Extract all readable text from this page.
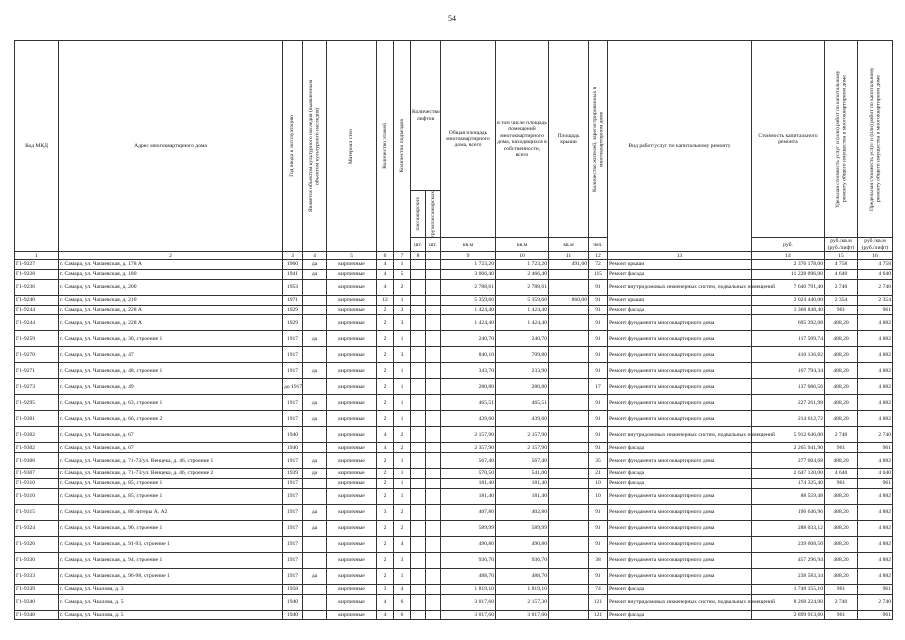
54
Код МКД	Адрес многоквартирного дома	Год ввода в эксплуатацию	Является объектом культурного наследия (выявленным объектом культурного наследия)	Материал стен	Количество этажей	Количество подъездов	Количество лифтов		Общая площадь многоквартирного дома, всего	в том числе площадь помещений многоквартирного дома, находящихся в собственности, всего	Площадь крыши	Количество жителей, зарегистрированных в многоквартирном доме	Вид работ/услуг по капитальному ремонту	Стоимость капитального ремонта	Удельная стоимость услуг и (или) работ по капитальному ремонту общего имущества в многоквартирном доме	Предельная стоимость услуг и (или) работ по капитальному ремонту общего имущества в многоквартирном доме

							пассажирских	грузопассажирских								

							шт.	шт.	кв.м	кв.м	кв.м	чел.		руб.	руб./кв.м (руб./лифт)	руб./кв.м (руб./лифт)
1	2	3	4	5	6	7	8		9	10	11	12	13	14	15	16
Г1-9227	г. Самара, ул. Чапаевская, д. 178 А	1960	да	кирпичные	4	1			1 723,20	1 723,20	491,00	72	Ремонт крыши	2 376 178,00	4 758	4 758
Г1-9228	г. Самара, ул. Чапаевская, д. 180	1941	да	кирпичные	4	5			3 066,40	2 466,40		115	Ремонт фасада	11 228 096,00	4 640	4 640
Г1-9236	г. Самара, ул. Чапаевская, д. 200	1953		кирпичные	4	2			2 788,61	2 788,61		91	Ремонт внутридомовых инженерных систем, подвальных помещений	7 640 791,40	2 740	2 740
Г1-9240	г. Самара, ул. Чапаевская, д. 210	1971		кирпичные	12	1			5 359,60	5 359,60	860,00	91	Ремонт крыши	2 024 440,00	2 354	2 354
Г1-9244	г. Самара, ул. Чапаевская, д. 228 А	1929		кирпичные	2	3			1 424,40	1 424,40		91	Ремонт фасада	1 368 848,40	961	961
Г1-9244	г. Самара, ул. Чапаевская, д. 228 А	1929		кирпичные	2	3			1 424,40	1 424,40		91	Ремонт фундамента многоквартирного дома	695 392,08	488,20	4 882
Г1-9259	г. Самара, ул. Чапаевская, д. 30, строение 1	1917	да	кирпичные	2	1			240,70	240,70		91	Ремонт фундамента многоквартирного дома	117 509,74	488,20	4 882
Г1-9270	г. Самара, ул. Чапаевская, д. 47	1917		кирпичные	2	3			840,10	709,80		91	Ремонт фундамента многоквартирного дома	410 136,82	488,20	4 882
Г1-9271	г. Самара, ул. Чапаевская, д. 48, строение 1	1917	да	кирпичные	2	1			343,70	233,90		91	Ремонт фундамента многоквартирного дома	167 794,34	488,20	4 882
Г1-9273	г. Самара, ул. Чапаевская, д. 49	до 1917		кирпичные	2	1			280,80	280,80		17	Ремонт фундамента многоквартирного дома	137 086,56	488,20	4 882
Г1-9295	г. Самара, ул. Чапаевская, д. 63, строение 1	1917	да	кирпичные	2	1			465,51	465,51		91	Ремонт фундамента многоквартирного дома	227 261,98	488,20	4 882
Г1-9301	г. Самара, ул. Чапаевская, д. 66, строение 2	1917	да	кирпичные	2	1			439,60	439,60		91	Ремонт фундамента многоквартирного дома	214 612,72	488,20	4 882
Г1-9302	г. Самара, ул. Чапаевская, д. 67	1940		кирпичные	4	2			2 157,90	2 157,90		91	Ремонт внутридомовых инженерных систем, подвальных помещений	5 912 646,00	2 740	2 740
Г1-9302	г. Самара, ул. Чапаевская, д. 67	1940		кирпичные	4	2			2 357,90	2 157,90		91	Ремонт фасада	2 265 941,90	961	961
Г1-9306	г. Самара, ул. Чапаевская, д. 71-73/ул. Венцека, д. 46, строение 1	1917	да	кирпичные	2	1			567,40	567,40		35	Ремонт фундамента многоквартирного дома	277 004,68	488,20	4 882
Г1-9307	г. Самара, ул. Чапаевская, д. 71-73/ул. Венцека, д. 46, строение 2	1939	да	кирпичные	2	1			570,50	541,00		21	Ремонт фасада	2 647 120,00	4 640	4 640
Г1-9310	г. Самара, ул. Чапаевская, д. 85, строение 1	1917		кирпичные	2	1			181,40	181,40		10	Ремонт фасада	174 325,40	961	961
Г1-9310	г. Самара, ул. Чапаевская, д. 85, строение 1	1917		кирпичные	2	1			181,40	181,40		10	Ремонт фундамента многоквартирного дома	88 559,48	488,20	4 882
Г1-9315	г. Самара, ул. Чапаевская, д. 88 литеры А, А2	1917	да	кирпичные	3	2			407,80	402,80		91	Ремонт фундамента многоквартирного дома	196 646,96	488,20	4 882
Г1-9324	г. Самара, ул. Чапаевская, д. 90, строение 1	1917	да	кирпичные	2	2			589,99	589,99		91	Ремонт фундамента многоквартирного дома	288 033,12	488,20	4 882
Г1-9326	г. Самара, ул. Чапаевская, д. 91-93, строение 1	1917		кирпичные	2	4			490,80	490,80		91	Ремонт фундамента многоквартирного дома	239 608,56	488,20	4 882
Г1-9330	г. Самара, ул. Чапаевская, д. 94, строение 1	1917		кирпичные	2	3			936,70	936,70		38	Ремонт фундамента многоквартирного дома	457 296,94	488,20	4 882
Г1-9333	г. Самара, ул. Чапаевская, д. 96-98, строение 1	1917	да	кирпичные	2	1			488,70	488,70		91	Ремонт фундамента многоквартирного дома	238 583,34	488,20	4 882
Г1-9339	г. Самара, ул. Чкалова, д. 3	1958		кирпичные	3	4			1 819,10	1 819,10		74	Ремонт фасада	1 748 155,10	961	961
Г1-9340	г. Самара, ул. Чкалова, д. 5	1940		кирпичные	4	6			3 017,60	2 157,30		121	Ремонт внутридомовых инженерных систем, подвальных помещений	8 268 224,00	2 740	2 740
Г1-9340	г. Самара, ул. Чкалова, д. 5	1940		кирпичные	4	6			3 017,60	3 017,60		121	Ремонт фасада	2 899 913,60	961	961
